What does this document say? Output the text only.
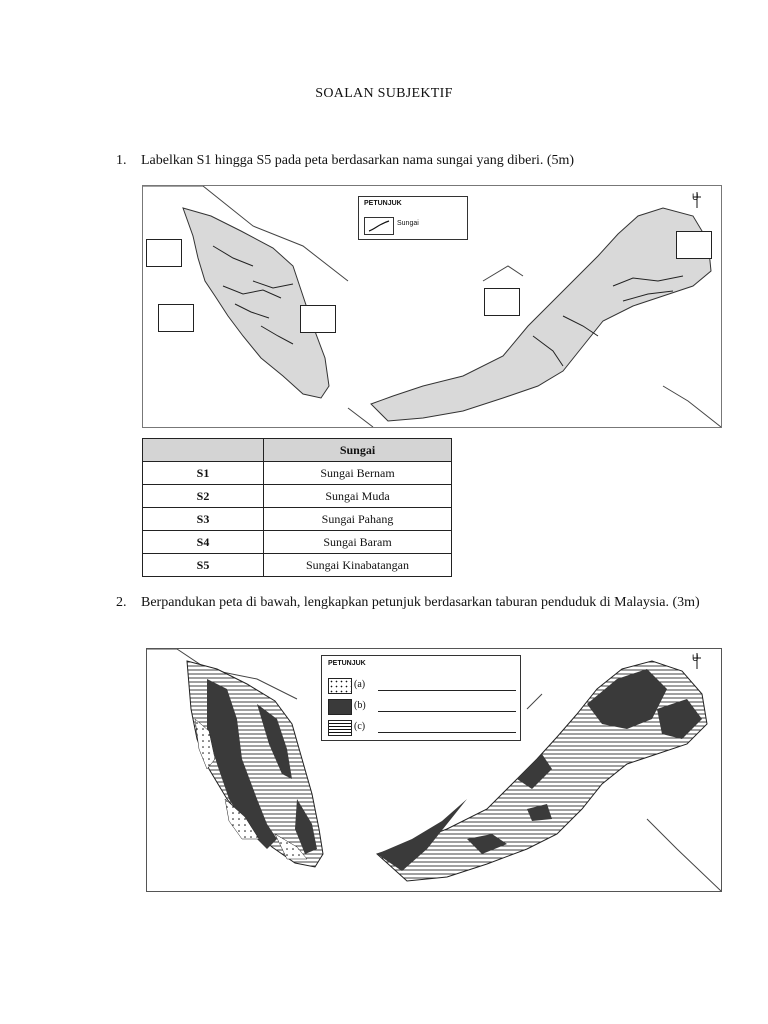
SOALAN SUBJEKTIF
1. Labelkan S1 hingga S5 pada peta berdasarkan nama sungai yang diberi. (5m)
PETUNJUK
Sungai
	Sungai
S1	Sungai Bernam
S2	Sungai Muda
S3	Sungai Pahang
S4	Sungai Baram
S5	Sungai Kinabatangan
2. Berpandukan peta di bawah, lengkapkan petunjuk berdasarkan taburan penduduk di Malaysia. (3m)
PETUNJUK
(a)
(b)
(c)
